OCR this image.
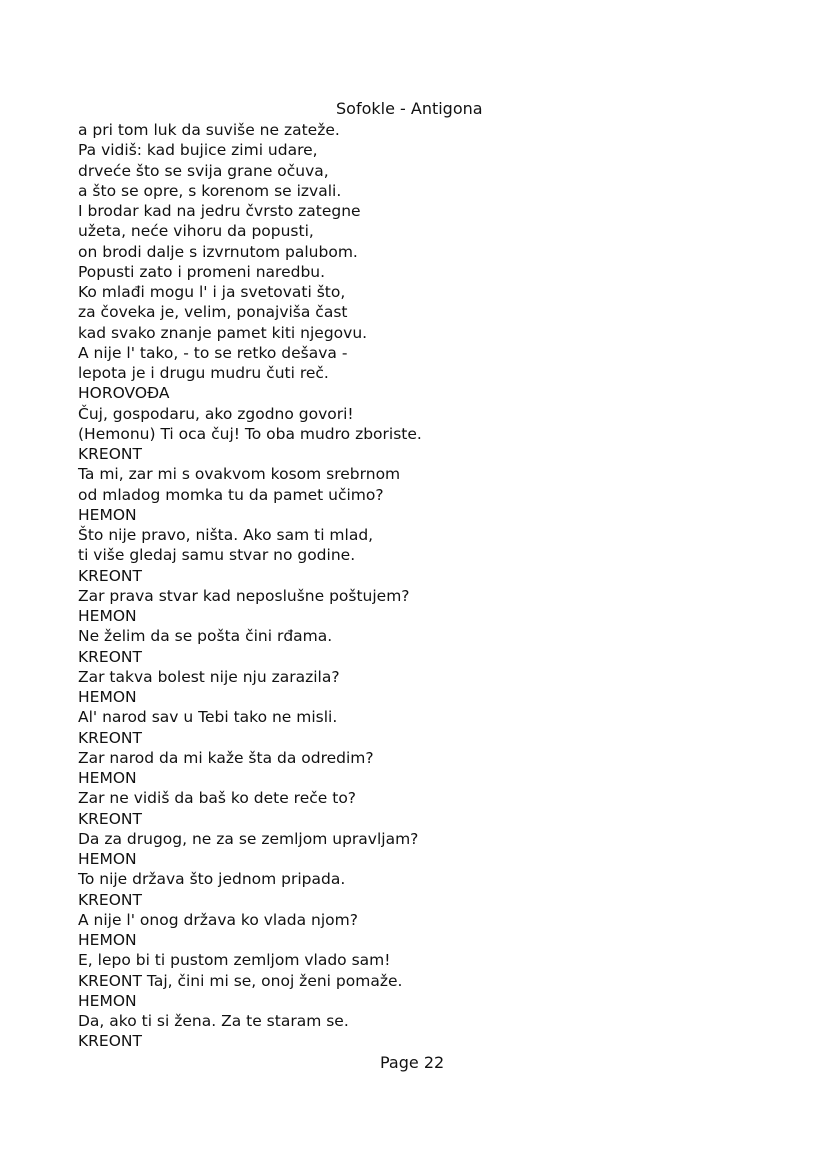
Sofokle - Antigona
a pri tom luk da suviše ne zateže.
Pa vidiš: kad bujice zimi udare,
drveće što se svija grane očuva,
a što se opre, s korenom se izvali.
I brodar kad na jedru čvrsto zategne
užeta, neće vihoru da popusti,
on brodi dalje s izvrnutom palubom.
Popusti zato i promeni naredbu.
Ko mlađi mogu l' i ja svetovati što,
za čoveka je, velim, ponajviša čast
kad svako znanje pamet kiti njegovu.
A nije l' tako, - to se retko dešava -
lepota je i drugu mudru čuti reč.
HOROVOĐA
Čuj, gospodaru, ako zgodno govori!
(Hemonu) Ti oca čuj! To oba mudro zboriste.
KREONT
Ta mi, zar mi s ovakvom kosom srebrnom
od mladog momka tu da pamet učimo?
HEMON
Što nije pravo, ništa. Ako sam ti mlad,
ti više gledaj samu stvar no godine.
KREONT
Zar prava stvar kad neposlušne poštujem?
HEMON
Ne želim da se pošta čini rđama.
KREONT
Zar takva bolest nije nju zarazila?
HEMON
Al' narod sav u Tebi tako ne misli.
KREONT
Zar narod da mi kaže šta da odredim?
HEMON
Zar ne vidiš da baš ko dete reče to?
KREONT
Da za drugog, ne za se zemljom upravljam?
HEMON
To nije država što jednom pripada.
KREONT
A nije l' onog država ko vlada njom?
HEMON
E, lepo bi ti pustom zemljom vlado sam!
KREONT Taj, čini mi se, onoj ženi pomaže.
HEMON
Da, ako ti si žena. Za te staram se.
KREONT
Page 22
